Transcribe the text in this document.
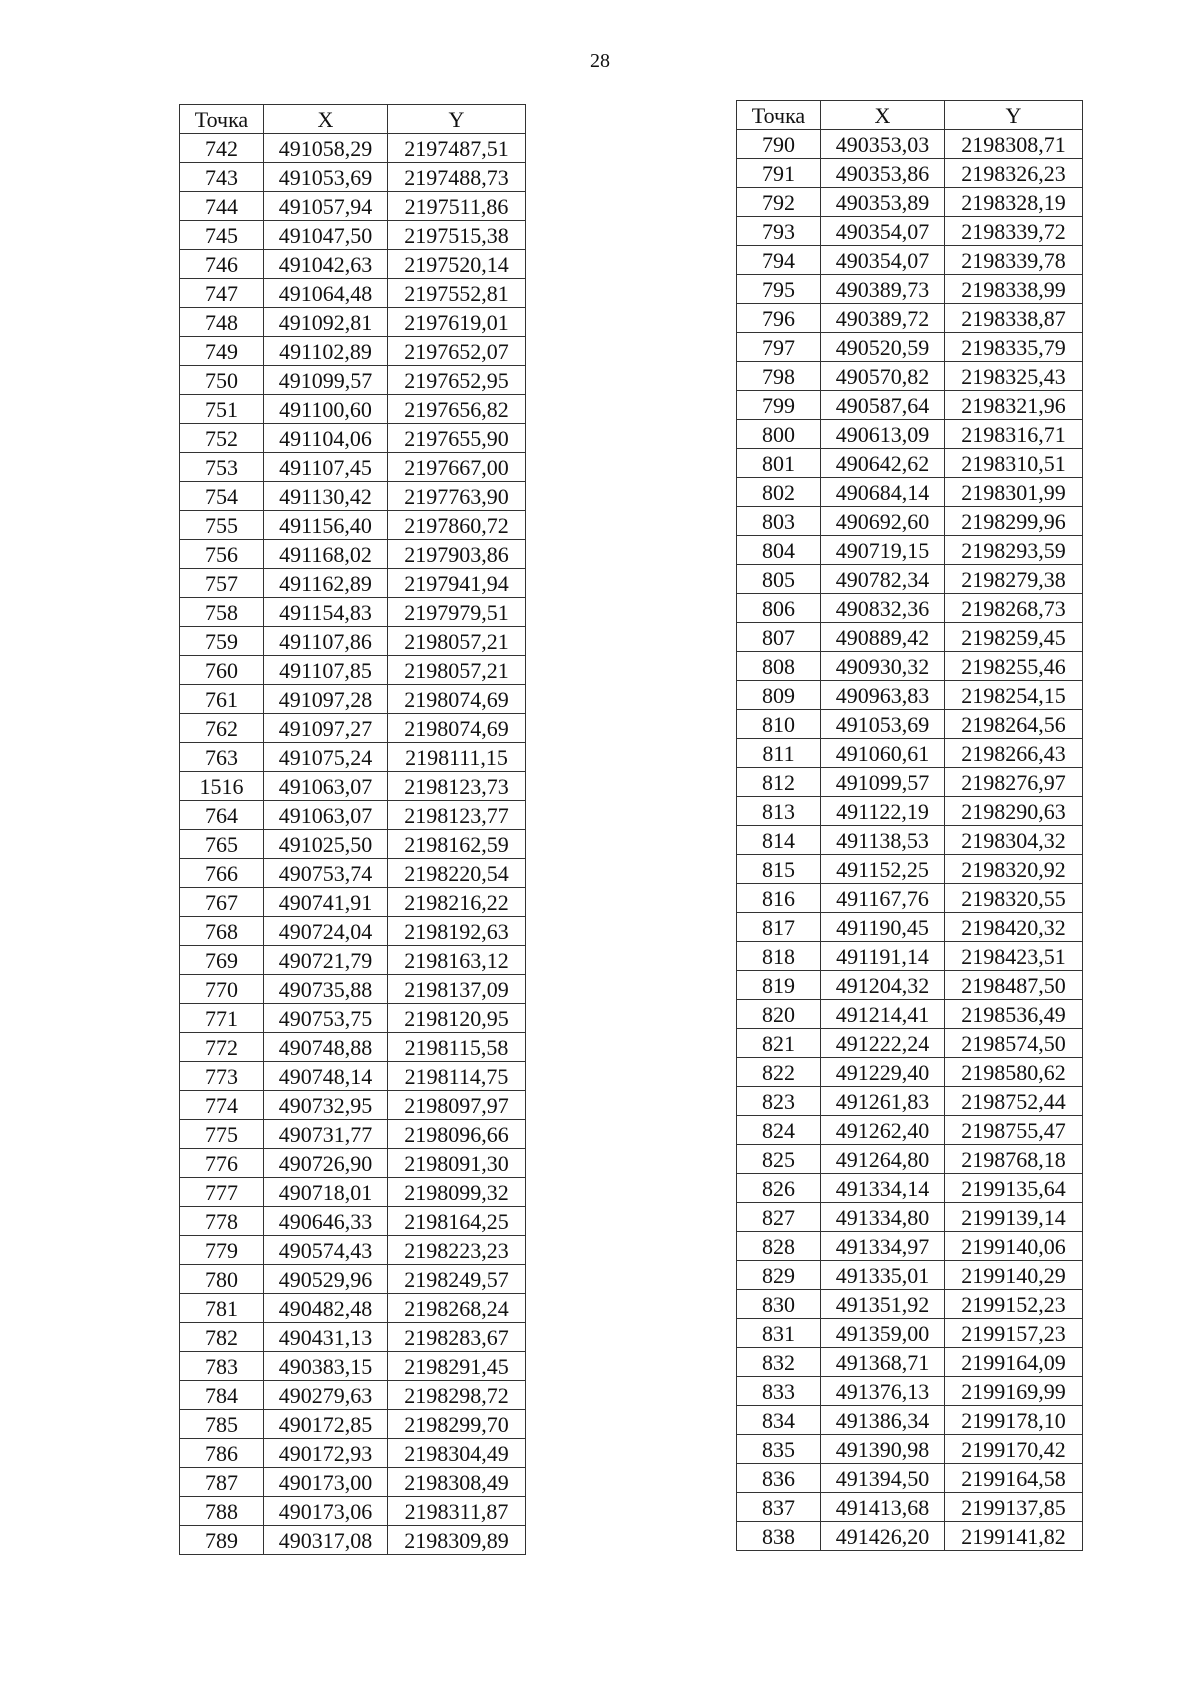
28
Точка	X	Y
742	491058,29	2197487,51
743	491053,69	2197488,73
744	491057,94	2197511,86
745	491047,50	2197515,38
746	491042,63	2197520,14
747	491064,48	2197552,81
748	491092,81	2197619,01
749	491102,89	2197652,07
750	491099,57	2197652,95
751	491100,60	2197656,82
752	491104,06	2197655,90
753	491107,45	2197667,00
754	491130,42	2197763,90
755	491156,40	2197860,72
756	491168,02	2197903,86
757	491162,89	2197941,94
758	491154,83	2197979,51
759	491107,86	2198057,21
760	491107,85	2198057,21
761	491097,28	2198074,69
762	491097,27	2198074,69
763	491075,24	2198111,15
1516	491063,07	2198123,73
764	491063,07	2198123,77
765	491025,50	2198162,59
766	490753,74	2198220,54
767	490741,91	2198216,22
768	490724,04	2198192,63
769	490721,79	2198163,12
770	490735,88	2198137,09
771	490753,75	2198120,95
772	490748,88	2198115,58
773	490748,14	2198114,75
774	490732,95	2198097,97
775	490731,77	2198096,66
776	490726,90	2198091,30
777	490718,01	2198099,32
778	490646,33	2198164,25
779	490574,43	2198223,23
780	490529,96	2198249,57
781	490482,48	2198268,24
782	490431,13	2198283,67
783	490383,15	2198291,45
784	490279,63	2198298,72
785	490172,85	2198299,70
786	490172,93	2198304,49
787	490173,00	2198308,49
788	490173,06	2198311,87
789	490317,08	2198309,89
Точка	X	Y
790	490353,03	2198308,71
791	490353,86	2198326,23
792	490353,89	2198328,19
793	490354,07	2198339,72
794	490354,07	2198339,78
795	490389,73	2198338,99
796	490389,72	2198338,87
797	490520,59	2198335,79
798	490570,82	2198325,43
799	490587,64	2198321,96
800	490613,09	2198316,71
801	490642,62	2198310,51
802	490684,14	2198301,99
803	490692,60	2198299,96
804	490719,15	2198293,59
805	490782,34	2198279,38
806	490832,36	2198268,73
807	490889,42	2198259,45
808	490930,32	2198255,46
809	490963,83	2198254,15
810	491053,69	2198264,56
811	491060,61	2198266,43
812	491099,57	2198276,97
813	491122,19	2198290,63
814	491138,53	2198304,32
815	491152,25	2198320,92
816	491167,76	2198320,55
817	491190,45	2198420,32
818	491191,14	2198423,51
819	491204,32	2198487,50
820	491214,41	2198536,49
821	491222,24	2198574,50
822	491229,40	2198580,62
823	491261,83	2198752,44
824	491262,40	2198755,47
825	491264,80	2198768,18
826	491334,14	2199135,64
827	491334,80	2199139,14
828	491334,97	2199140,06
829	491335,01	2199140,29
830	491351,92	2199152,23
831	491359,00	2199157,23
832	491368,71	2199164,09
833	491376,13	2199169,99
834	491386,34	2199178,10
835	491390,98	2199170,42
836	491394,50	2199164,58
837	491413,68	2199137,85
838	491426,20	2199141,82
